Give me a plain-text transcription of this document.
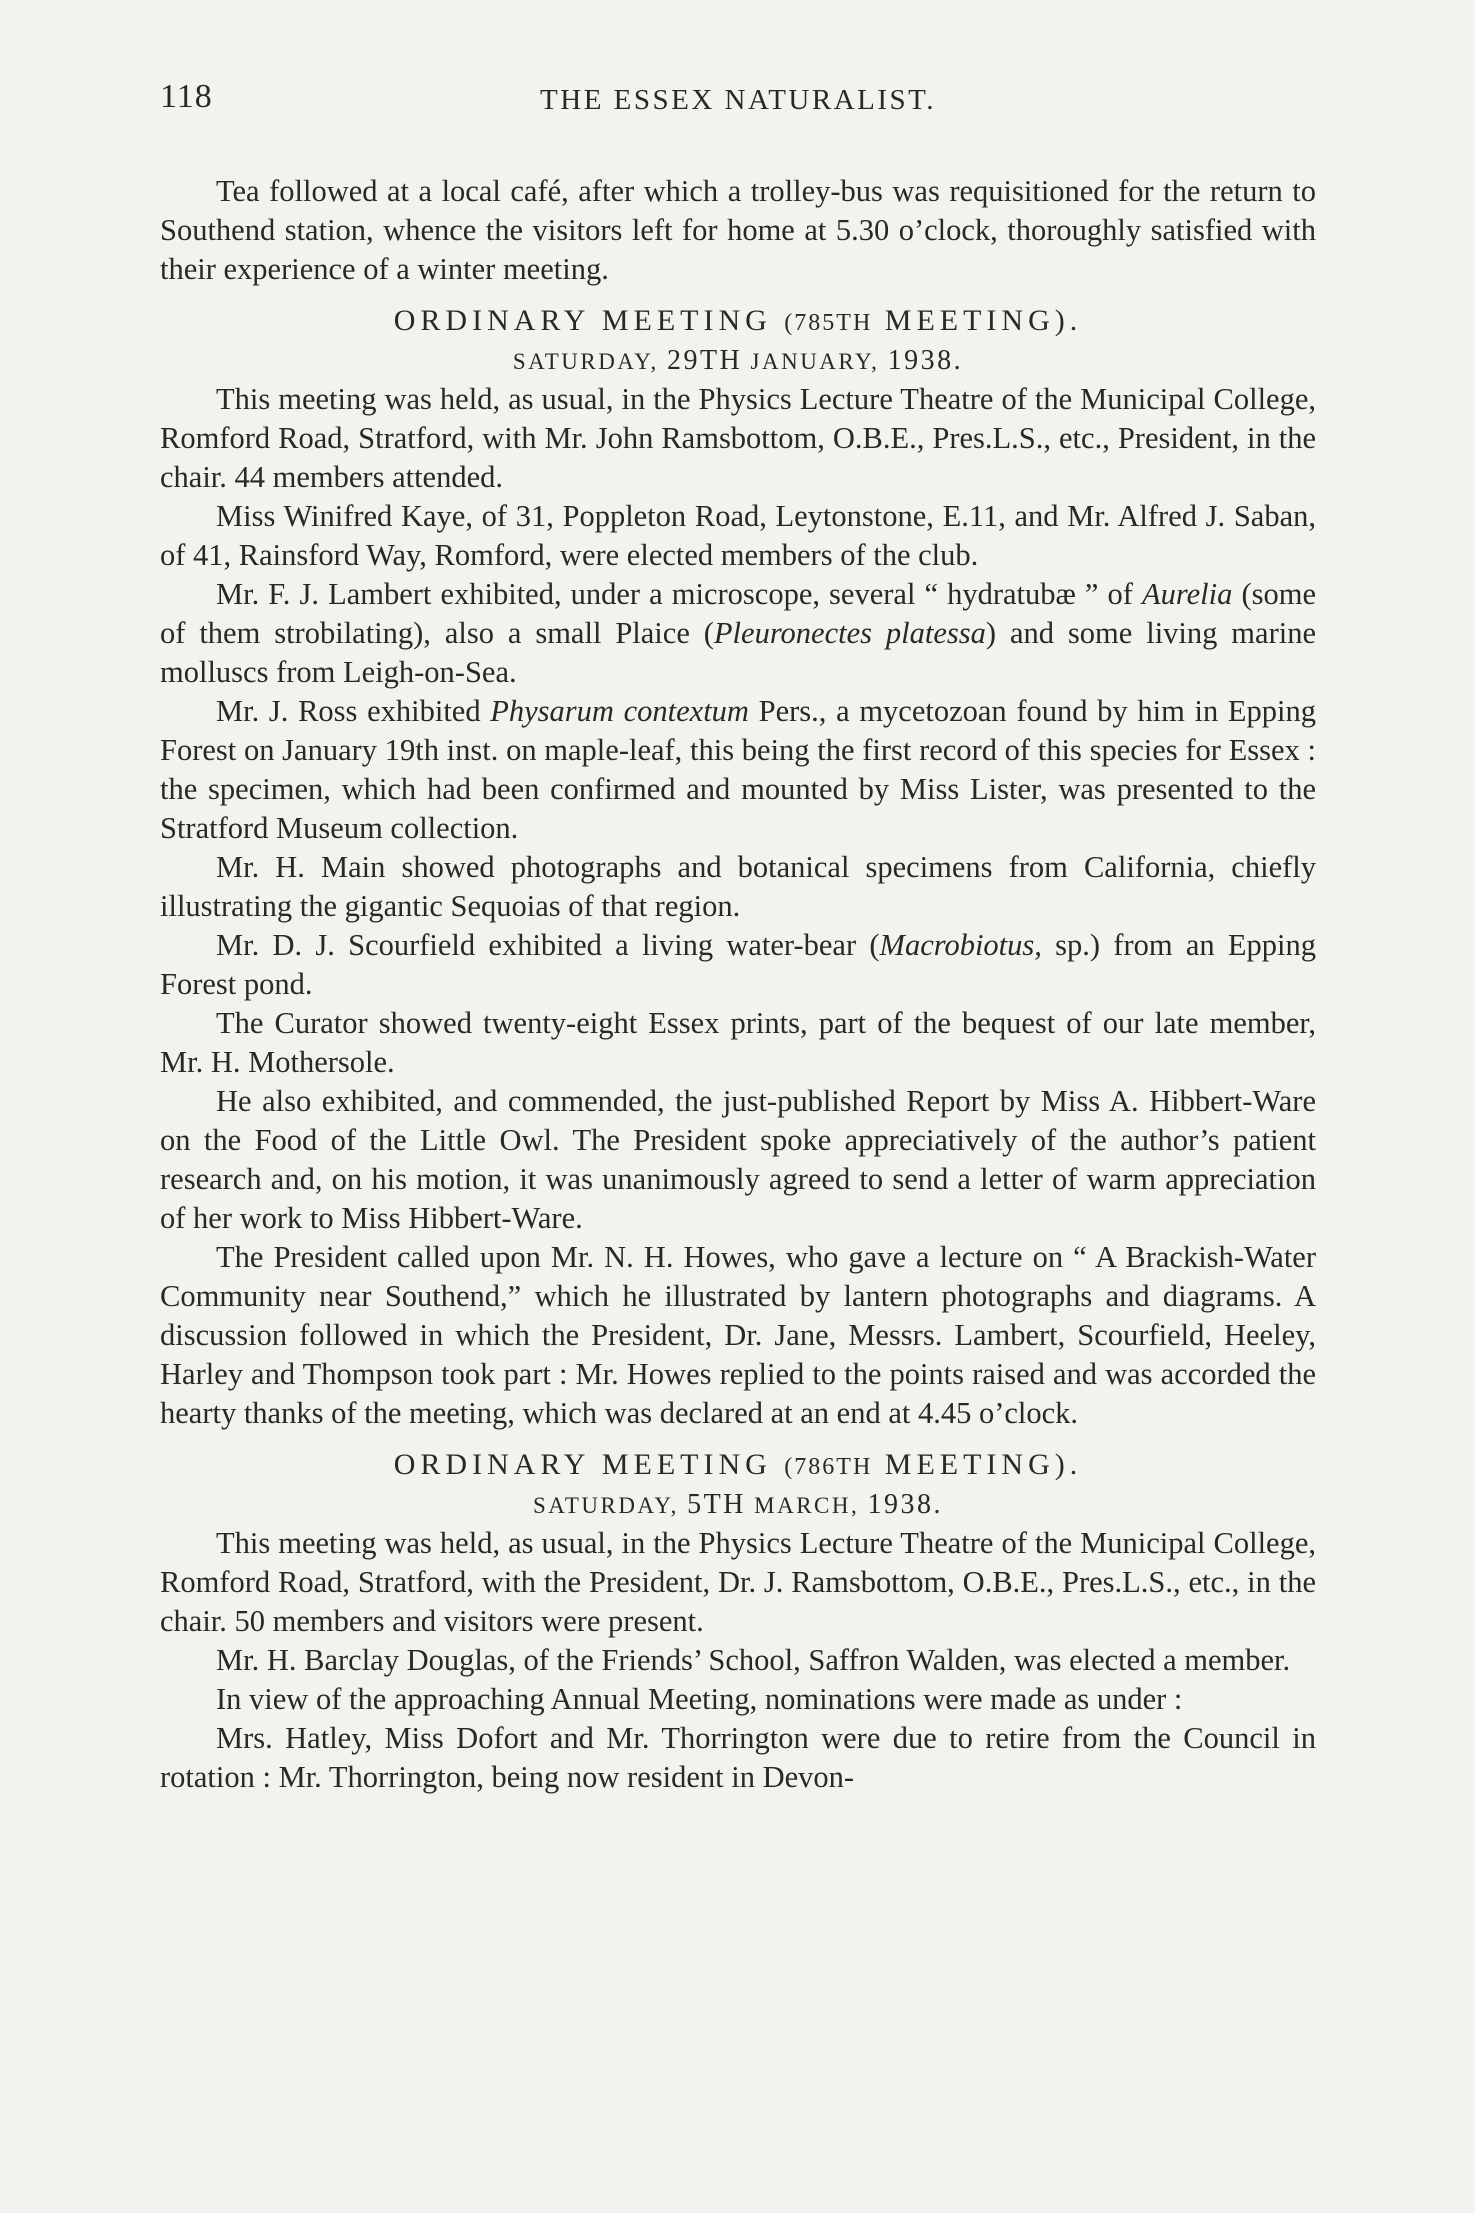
118	THE ESSEX NATURALIST.

Tea followed at a local café, after which a trolley-bus was requisitioned for the return to Southend station, whence the visitors left for home at 5.30 o’clock, thoroughly satisfied with their experience of a winter meeting.

ORDINARY MEETING (785TH MEETING).
SATURDAY, 29TH JANUARY, 1938.

This meeting was held, as usual, in the Physics Lecture Theatre of the Municipal College, Romford Road, Stratford, with Mr. John Ramsbottom, O.B.E., Pres.L.S., etc., President, in the chair. 44 members attended.

Miss Winifred Kaye, of 31, Poppleton Road, Leytonstone, E.11, and Mr. Alfred J. Saban, of 41, Rainsford Way, Romford, were elected members of the club.

Mr. F. J. Lambert exhibited, under a microscope, several “ hydratubæ ” of Aurelia (some of them strobilating), also a small Plaice (Pleuronectes platessa) and some living marine molluscs from Leigh-on-Sea.

Mr. J. Ross exhibited Physarum contextum Pers., a mycetozoan found by him in Epping Forest on January 19th inst. on maple-leaf, this being the first record of this species for Essex : the specimen, which had been confirmed and mounted by Miss Lister, was presented to the Stratford Museum collection.

Mr. H. Main showed photographs and botanical specimens from California, chiefly illustrating the gigantic Sequoias of that region.

Mr. D. J. Scourfield exhibited a living water-bear (Macrobiotus, sp.) from an Epping Forest pond.

The Curator showed twenty-eight Essex prints, part of the bequest of our late member, Mr. H. Mothersole.

He also exhibited, and commended, the just-published Report by Miss A. Hibbert-Ware on the Food of the Little Owl. The President spoke appreciatively of the author’s patient research and, on his motion, it was unanimously agreed to send a letter of warm appreciation of her work to Miss Hibbert-Ware.

The President called upon Mr. N. H. Howes, who gave a lecture on “ A Brackish-Water Community near Southend,” which he illustrated by lantern photographs and diagrams. A discussion followed in which the President, Dr. Jane, Messrs. Lambert, Scourfield, Heeley, Harley and Thompson took part : Mr. Howes replied to the points raised and was accorded the hearty thanks of the meeting, which was declared at an end at 4.45 o’clock.

ORDINARY MEETING (786TH MEETING).
SATURDAY, 5TH MARCH, 1938.

This meeting was held, as usual, in the Physics Lecture Theatre of the Municipal College, Romford Road, Stratford, with the President, Dr. J. Ramsbottom, O.B.E., Pres.L.S., etc., in the chair. 50 members and visitors were present.

Mr. H. Barclay Douglas, of the Friends’ School, Saffron Walden, was elected a member.

In view of the approaching Annual Meeting, nominations were made as under :

Mrs. Hatley, Miss Dofort and Mr. Thorrington were due to retire from the Council in rotation : Mr. Thorrington, being now resident in Devon-
